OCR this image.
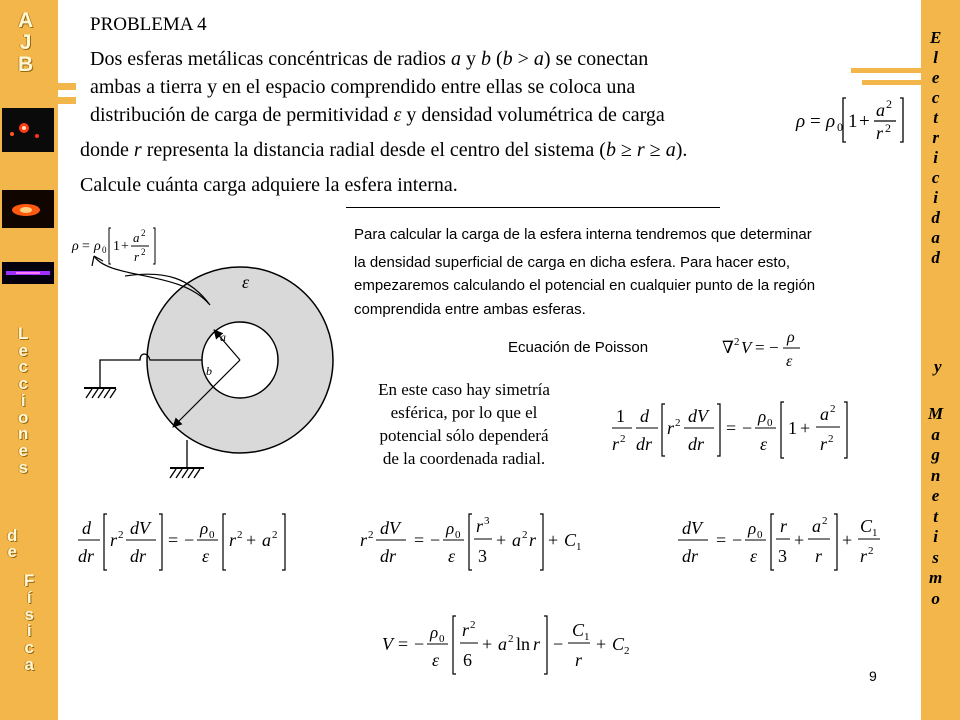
A
J
B
L
e
c
c
i
o
n
e
s
d
e
F
í
s
i
c
a
E
l
e
c
t
r
i
c
i
d
a
d
y
M
a
g
n
e
t
i
s
m
o
PROBLEMA 4
Dos esferas metálicas concéntricas de radios a y b (b > a) se conectan
ambas a tierra y en el espacio comprendido entre ellas se coloca una
distribución de carga de permitividad ε y densidad volumétrica de carga
donde r representa la distancia radial desde el centro del sistema (b ≥ r ≥ a).
Calcule cuánta carga adquiere la esfera interna.
ρ = ρ 0 1 +
a 2
r 2
ρ = ρ 0 1 +
a 2
r 2
ε
a
b
Para calcular la carga de la esfera interna tendremos que determinar
la densidad superficial de carga en dicha esfera. Para hacer esto,
empezaremos calculando el potencial en cualquier punto de la región
comprendida entre ambas esferas.
Ecuación de Poisson	∇ 2 V = −
ρ
ε
En este caso hay simetría
esférica, por lo que el
potencial sólo dependerá
de la coordenada radial.
1
r 2
d
dr
r 2 dV
dr
= −
ρ 0
ε
1 +
a 2
r 2
d
dr
r 2 dV
dr
= −
ρ 0
ε
r 2 + a 2	r 2 dV
dr
= −
ρ 0
ε
r 3
3
+ a 2 r + C 1
dV
dr
= −
ρ 0
ε
r
3
+
a 2
r
+
C 1
r 2
V = −
ρ 0
ε
r 2
6
+ a 2 ln r −
C 1
r
+ C 2
9
